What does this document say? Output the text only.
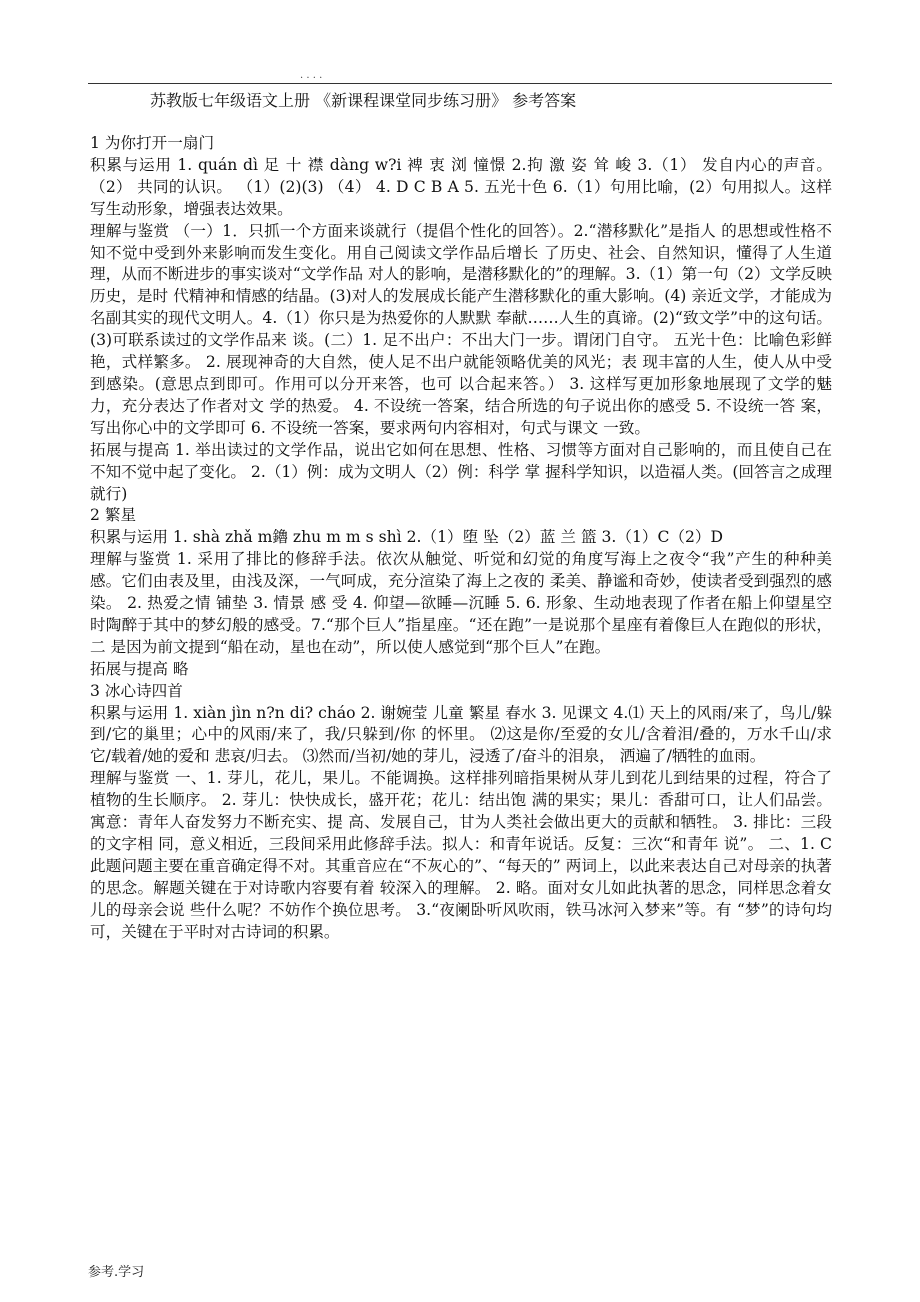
. . . .
苏教版七年级语文上册 《新课程课堂同步练习册》 参考答案

1 为你打开一扇门

积累与运用 1. quán dì 足 十 襟 dàng w?i 裨 衷 浏 憧憬 2.拘 激 姿 耸 峻 3.（1） 发自内心的声音。 （2） 共同的认识。 （1）(2)(3) （4） 4. D C B A 5. 五光十色 6.（1）句用比喻，(2）句用拟人。这样写生动形象，增强表达效果。

理解与鉴赏 （一）1．只抓一个方面来谈就行（提倡个性化的回答）。2.“潜移默化”是指人 的思想或性格不知不觉中受到外来影响而发生变化。用自己阅读文学作品后增长 了历史、社会、自然知识，懂得了人生道理，从而不断进步的事实谈对“文学作品 对人的影响，是潜移默化的”的理解。3.（1）第一句（2）文学反映历史，是时 代精神和情感的结晶。(3)对人的发展成长能产生潜移默化的重大影响。(4) 亲近文学，才能成为名副其实的现代文明人。4.（1）你只是为热爱你的人默默 奉献……人生的真谛。(2)“致文学”中的这句话。(3)可联系读过的文学作品来 谈。(二）1. 足不出户：不出大门一步。谓闭门自守。 五光十色：比喻色彩鲜 艳，式样繁多。 2. 展现神奇的大自然，使人足不出户就能领略优美的风光；表 现丰富的人生，使人从中受到感染。(意思点到即可。作用可以分开来答，也可 以合起来答。） 3. 这样写更加形象地展现了文学的魅力，充分表达了作者对文 学的热爱。 4. 不设统一答案，结合所选的句子说出你的感受 5. 不设统一答 案，写出你心中的文学即可 6. 不设统一答案，要求两句内容相对，句式与课文 一致。

拓展与提高 1. 举出读过的文学作品，说出它如何在思想、性格、习惯等方面对自己影响的，而且使自己在不知不觉中起了变化。 2.（1）例：成为文明人（2）例：科学 掌 握科学知识，以造福人类。(回答言之成理就行)

2 繁星

积累与运用 1. shà zhǎ m鑥 zhu m m s shì 2.（1）堕 坠（2）蓝 兰 篮 3.（1）C（2）D

理解与鉴赏 1. 采用了排比的修辞手法。依次从触觉、听觉和幻觉的角度写海上之夜令“我”产生的种种美感。它们由表及里，由浅及深，一气呵成，充分渲染了海上之夜的 柔美、静谧和奇妙，使读者受到强烈的感染。 2. 热爱之情 铺垫 3. 情景 感 受 4. 仰望—欲睡—沉睡 5. 6. 形象、生动地表现了作者在船上仰望星空时陶醉于其中的梦幻般的感受。7.“那个巨人”指星座。“还在跑”一是说那个星座有着像巨人在跑似的形状，二 是因为前文提到“船在动，星也在动”，所以使人感觉到“那个巨人”在跑。

拓展与提高 略

3 冰心诗四首

积累与运用 1. xiàn jìn n?n di? cháo 2. 谢婉莹 儿童 繁星 春水 3. 见课文 4.⑴ 天上的风雨/来了，鸟儿/躲到/它的巢里；心中的风雨/来了，我/只躲到/你 的怀里。 ⑵这是你/至爱的女儿/含着泪/叠的，万水千山/求它/载着/她的爱和 悲哀/归去。 ⑶然而/当初/她的芽儿，浸透了/奋斗的泪泉， 洒遍了/牺牲的血雨。

理解与鉴赏 一、1. 芽儿，花儿，果儿。不能调换。这样排列暗指果树从芽儿到花儿到结果的过程，符合了植物的生长顺序。 2. 芽儿：快快成长，盛开花；花儿：结出饱 满的果实；果儿：香甜可口，让人们品尝。寓意：青年人奋发努力不断充实、提 高、发展自己，甘为人类社会做出更大的贡献和牺牲。 3. 排比：三段的文字相 同，意义相近，三段间采用此修辞手法。拟人：和青年说话。反复：三次“和青年 说”。 二、1. C 此题问题主要在重音确定得不对。其重音应在“不灰心的”、“每天的” 两词上，以此来表达自己对母亲的执著的思念。解题关键在于对诗歌内容要有着 较深入的理解。 2. 略。面对女儿如此执著的思念，同样思念着女儿的母亲会说 些什么呢？不妨作个换位思考。 3.“夜阑卧听风吹雨，铁马冰河入梦来”等。有 “梦”的诗句均可，关键在于平时对古诗词的积累。

参考.学习
